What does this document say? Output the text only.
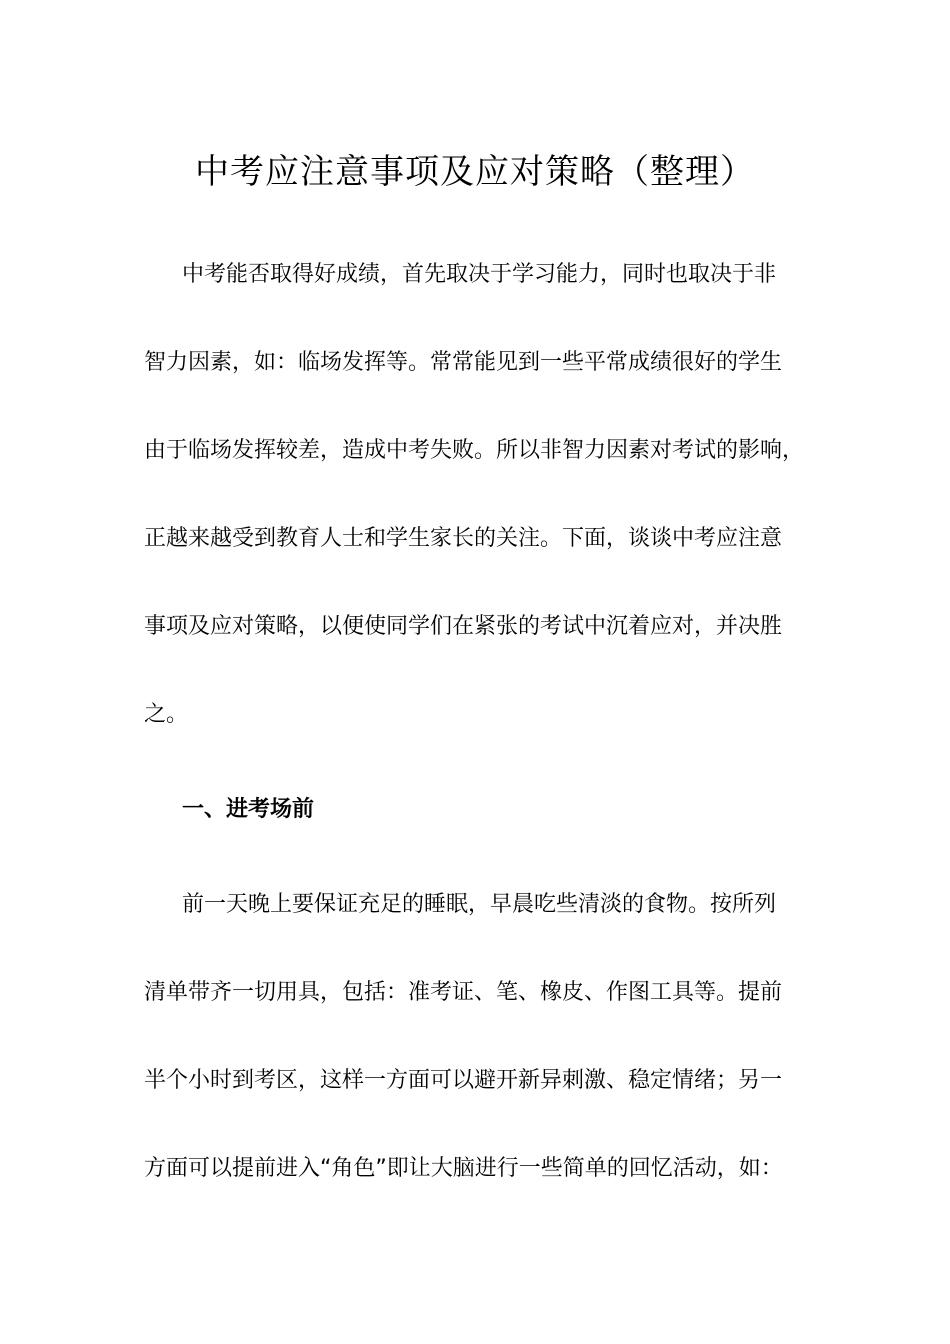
中考应注意事项及应对策略（整理）
中考能否取得好成绩，首先取决于学习能力，同时也取决于非
智力因素，如：临场发挥等。常常能见到一些平常成绩很好的学生
由于临场发挥较差，造成中考失败。所以非智力因素对考试的影响，
正越来越受到教育人士和学生家长的关注。下面，谈谈中考应注意
事项及应对策略，以便使同学们在紧张的考试中沉着应对，并决胜
之。
一、进考场前
前一天晚上要保证充足的睡眠，早晨吃些清淡的食物。按所列
清单带齐一切用具，包括：准考证、笔、橡皮、作图工具等。提前
半个小时到考区，这样一方面可以避开新异刺激、稳定情绪；另一
方面可以提前进入“角色”即让大脑进行一些简单的回忆活动，如：
